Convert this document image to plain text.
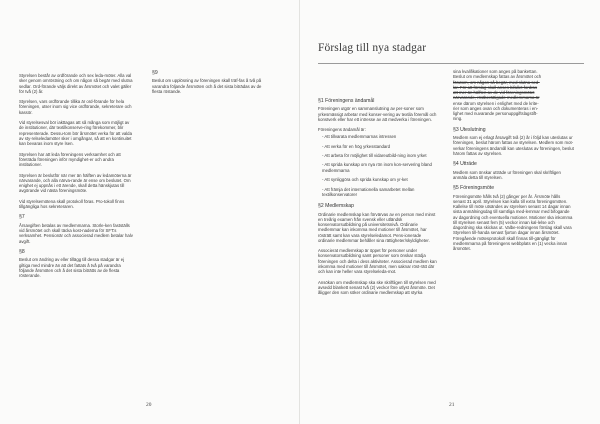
Styrelsen består av ordförande och sex leda-möter. Alla val sker genom omröstning och om någon så begär med slutna sedlar. Ord-förande väljs direkt av årsmötet och valet gäller för två (2) år.

Styrelsen, vars ordförande tillika är ord-förande för hela föreningen, utser inom sig vice ordförande, sekreterare och kassör.

Vid styrelsesval bör iakttagas att så många som möjligt av de institutioner, där textilkonserve-ring förekommer, blir representerade. Dessu-tom bör årsmötet verka för att valda av sty-relseledamöter sker i omgångar, så att en kontinuitet kan bevaras inom styre lsen.

Styrelsen har att leda föreningens verksamhet och att företräda föreningen inför myndighet-er och andra institutioner.

Styrelsen är beslutför när mer än hälften av ledamöterna är närvarande, och alla närva-rande är ense om beslutet. Om enighet ej uppnås i ett ärende, skall detta hänskjutas till avgörande vid nästa föreningsmöte.

Vid styrelsemötena skall protokoll föras. Pro-tokoll finns tillgängliga hos sekreteraren.

§7

Årsavgiften betalas av medlemmarna. Storle-ken fastställs vid årsmötet och skall täcka kost-naderna för SFT:s verksamhet. Pensionär och associerad medlem betalar halv avgift.

§8

Beslut om ändring av eller tillägg till dessa stadgar är ej giltiga med mindre än att det fattats å två på varandra följande årsmöten och å det sista biträtts av de flesta rösterande.

§9

Beslut om upplösning av föreningen skall träf-fas å två på varandra följande årsmöten och å det sista biträdas av de flesta röstande.

20
Förslag till nya stadgar
§1 Föreningens ändamål

Föreningen utgör en sammanslutning av per-soner som yrkesmässigt arbetar med konser-vering av textila föremål och konstverk eller har ett intresse av att medverka i föreningen.

Föreningens ändamål är:

- Att tillvarata medlemmarnas intressen
- Att verka för en hög yrkesstandard
- Att arbeta för möjlighet till vidareutbild-ning inom yrket
- Att sprida kunskap om nya rön inom kon-servering bland medlemmarna
- Att synliggöra och sprida kunskap om yr-ket
- Att främja det internationella samarbetet mellan textilkonservatorer
§2 Medlemskap

Ordinarie medlemskap kan förvärvas av en person med minst en treårig examen från svensk eller utländsk konservatorsutbildning på universitetsnivå. Ordinarie medlemmar kan inkomma med motioner till årsmötet, har rösträtt samt kan vara styrelseledamot. Pens-ionerade ordinarie medlemmar behåller sina rättigheter/skyldigheter.

Associerat medlemskap är öppet för personer under konservatorsutbildning samt personer som önskar stödja föreningen och delta i dess aktiviteter. Associerad medlem kan inkomma med motioner till årsmötet, men saknar röst-rätt där och kan inte heller vara styrelseleda-mot.

Ansökan om medlemskap ska ske skriftligen till styrelsen med avsedd blankett senast två (2) veckor före utlyst årsmöte. Det åligger den som söker ordinarie medlemskap att styrka

sina kvalifikationer som anges på bankettan.
Beslut om medlemskap fattas av årsmötet och
förutom, om någon så begär, med slutna sed-
lar. För att förslag skall anses bifallet fordras
att mer än hälften av de vid föreningsmötet
närvarande, röstberättigade medlemmarna är
ense därom styrelsen i enlighet med de krite-
rier som anges ovan och dokumenteras i en-
lighet med nuvarande personuppgiftslagstift-
ning.
§3 Uteslutning

Medlem som ej erlagt årsavgift två (2) år i följd kan uteslutas ur föreningen, beslut härom fattas av styrelsen. Medlem som mot-verkar föreningens ändamål kan uteslutas av föreningen, beslut härom fattas av styrelsen.

§4 Utträde

Medlem som önskar utträde ur föreningen skal skriftligen anmäla detta till styrelsen.

§5 Föreningsmöte

Föreningsmöte hålls två (2) gånger per år. Årsmöte hålls senast 31 april. Styrelsen kan kalla till extra föreningsmöten. Kallelse till möte utsändes av styrelsen senast 14 dagar innan sista anmälningsdag till samtliga med-lemmar med bifogande av dagordning och eventuella motioner. Motioner ska inkomma till styrelsen senast fem (5) veckor innan kal-lelse och dagordning ska skickas ut. Valbe-redningens förslag skall vara Styrelsen till-handa senast fjorton dagar innan årsmötet. Föregående mötesprotokoll skall finnas till-gängligt för medlemmarna på föreningens webbplats en (1) vecka innan årsmötet.

21
